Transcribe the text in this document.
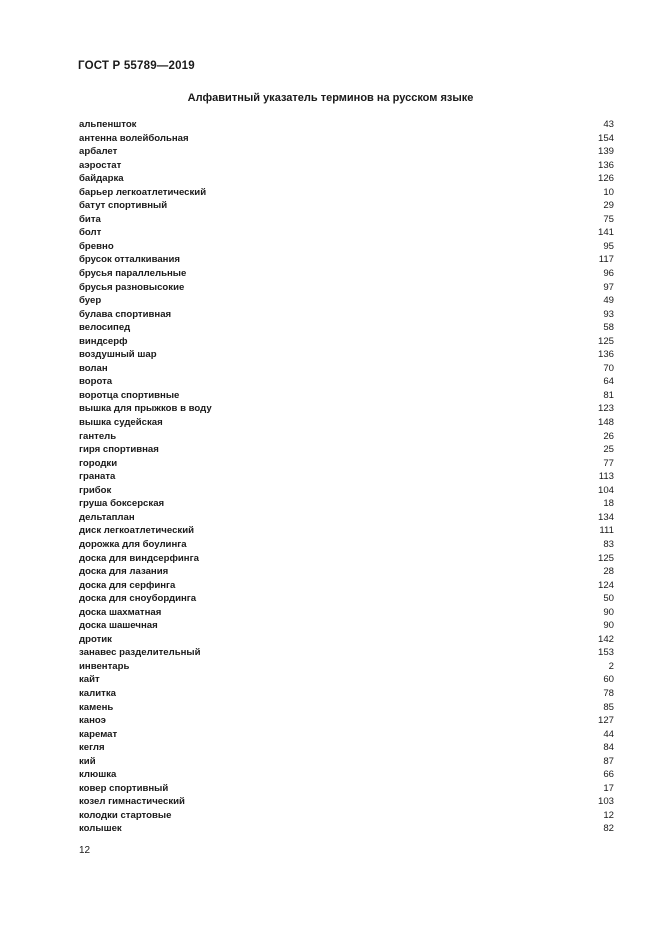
ГОСТ Р 55789—2019
Алфавитный указатель терминов на русском языке
альпеншток	43
антенна волейбольная	154
арбалет	139
аэростат	136
байдарка	126
барьер легкоатлетический	10
батут спортивный	29
бита	75
болт	141
бревно	95
брусок отталкивания	117
брусья параллельные	96
брусья разновысокие	97
буер	49
булава спортивная	93
велосипед	58
виндсерф	125
воздушный шар	136
волан	70
ворота	64
воротца спортивные	81
вышка для прыжков в воду	123
вышка судейская	148
гантель	26
гиря спортивная	25
городки	77
граната	113
грибок	104
груша боксерская	18
дельтаплан	134
диск легкоатлетический	111
дорожка для боулинга	83
доска для виндсерфинга	125
доска для лазания	28
доска для серфинга	124
доска для сноубординга	50
доска шахматная	90
доска шашечная	90
дротик	142
занавес разделительный	153
инвентарь	2
кайт	60
калитка	78
камень	85
каноэ	127
каремат	44
кегля	84
кий	87
клюшка	66
ковер спортивный	17
козел гимнастический	103
колодки стартовые	12
колышек	82
12
